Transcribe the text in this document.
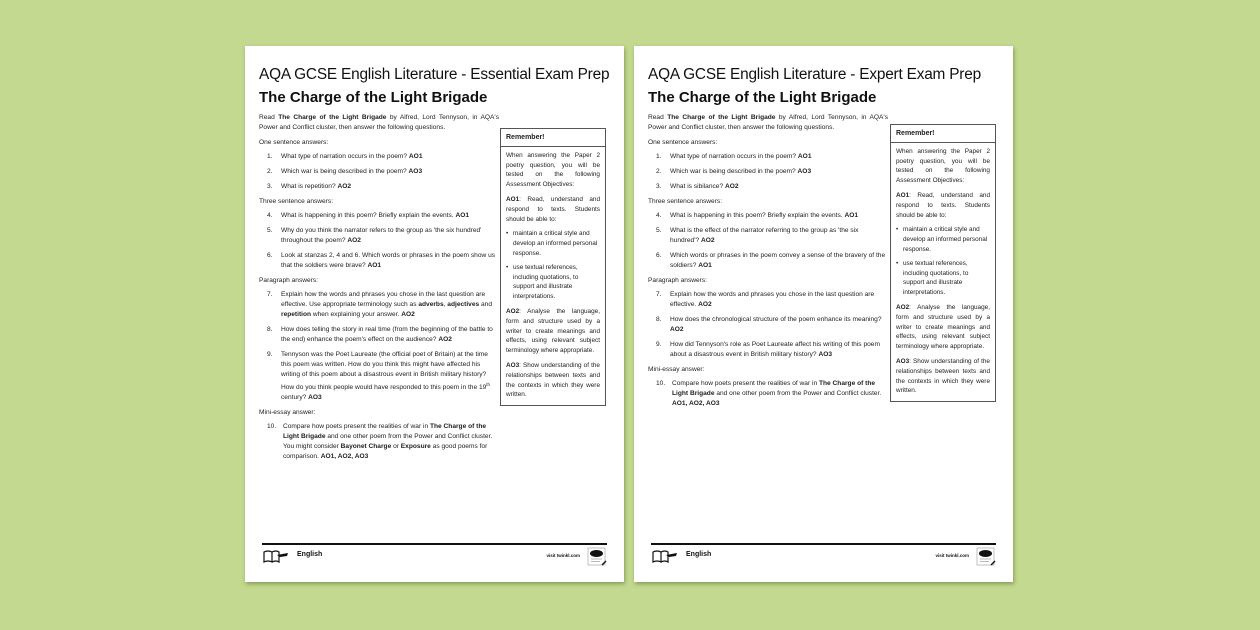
AQA GCSE English Literature - Essential Exam Prep
The Charge of the Light Brigade
Read The Charge of the Light Brigade by Alfred, Lord Tennyson, in AQA's Power and Conflict cluster, then answer the following questions.
One sentence answers:
1.	What type of narration occurs in the poem? AO1
2.	Which war is being described in the poem? AO3
3.	What is repetition? AO2
Three sentence answers:
4.	What is happening in this poem? Briefly explain the events. AO1
5.	Why do you think the narrator refers to the group as 'the six hundred' throughout the poem? AO2
6.	Look at stanzas 2, 4 and 6. Which words or phrases in the poem show us that the soldiers were brave? AO1
Paragraph answers:
7.	Explain how the words and phrases you chose in the last question are effective. Use appropriate terminology such as adverbs, adjectives and repetition when explaining your answer. AO2
8.	How does telling the story in real time (from the beginning of the battle to the end) enhance the poem's effect on the audience? AO2
9.	Tennyson was the Poet Laureate (the official poet of Britain) at the time this poem was written. How do you think this might have affected his writing of this poem about a disastrous event in British military history? How do you think people would have responded to this poem in the 19th century? AO3
Mini-essay answer:
10.	Compare how poets present the realities of war in The Charge of the Light Brigade and one other poem from the Power and Conflict cluster. You might consider Bayonet Charge or Exposure as good poems for comparison. AO1, AO2, AO3
Remember!

When answering the Paper 2 poetry question, you will be tested on the following Assessment Objectives:

AO1: Read, understand and respond to texts. Students should be able to:

• maintain a critical style and develop an informed personal response.
• use textual references, including quotations, to support and illustrate interpretations.

AO2: Analyse the language, form and structure used by a writer to create meanings and effects, using relevant subject terminology where appropriate.

AO3: Show understanding of the relationships between texts and the contexts in which they were written.

English	visit twinkl.com
AQA GCSE English Literature - Expert Exam Prep
The Charge of the Light Brigade
Read The Charge of the Light Brigade by Alfred, Lord Tennyson, in AQA's Power and Conflict cluster, then answer the following questions.
One sentence answers:
1.	What type of narration occurs in the poem? AO1
2.	Which war is being described in the poem? AO3
3.	What is sibilance? AO2
Three sentence answers:
4.	What is happening in this poem? Briefly explain the events. AO1
5.	What is the effect of the narrator referring to the group as 'the six hundred'? AO2
6.	Which words or phrases in the poem convey a sense of the bravery of the soldiers? AO1
Paragraph answers:
7.	Explain how the words and phrases you chose in the last question are effective. AO2
8.	How does the chronological structure of the poem enhance its meaning? AO2
9.	How did Tennyson's role as Poet Laureate affect his writing of this poem about a disastrous event in British military history? AO3
Mini-essay answer:
10.	Compare how poets present the realities of war in The Charge of the Light Brigade and one other poem from the Power and Conflict cluster. AO1, AO2, AO3
Remember!

When answering the Paper 2 poetry question, you will be tested on the following Assessment Objectives:

AO1: Read, understand and respond to texts. Students should be able to:

• maintain a critical style and develop an informed personal response.
• use textual references, including quotations, to support and illustrate interpretations.

AO2: Analyse the language, form and structure used by a writer to create meanings and effects, using relevant subject terminology where appropriate.

AO3: Show understanding of the relationships between texts and the contexts in which they were written.

English	visit twinkl.com
